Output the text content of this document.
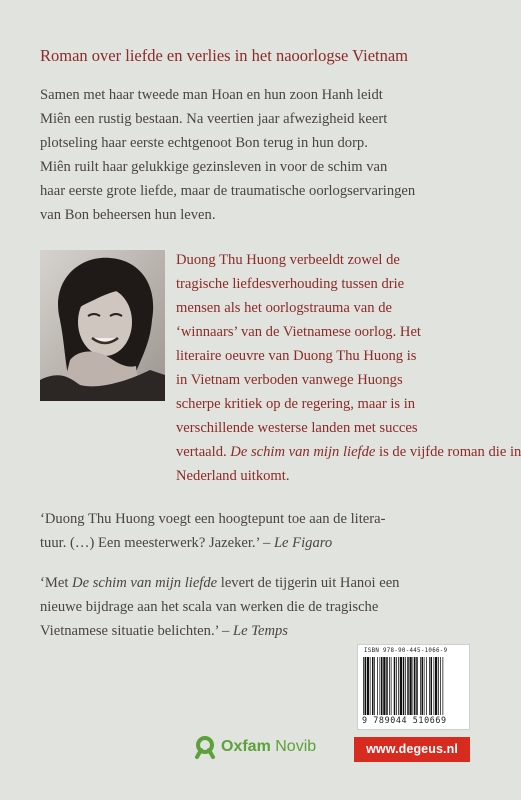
Roman over liefde en verlies in het naoorlogse Vietnam

Samen met haar tweede man Hoan en hun zoon Hanh leidt
Miên een rustig bestaan. Na veertien jaar afwezigheid keert
plotseling haar eerste echtgenoot Bon terug in hun dorp.
Miên ruilt haar gelukkige gezinsleven in voor de schim van
haar eerste grote liefde, maar de traumatische oorlogservaringen
van Bon beheersen hun leven.

Duong Thu Huong verbeeldt zowel de
tragische liefdesverhouding tussen drie
mensen als het oorlogstrauma van de
‘winnaars’ van de Vietnamese oorlog. Het
literaire oeuvre van Duong Thu Huong is
in Vietnam verboden vanwege Huongs
scherpe kritiek op de regering, maar is in
verschillende westerse landen met succes
vertaald. De schim van mijn liefde is de vijfde roman die in
Nederland uitkomt.

‘Duong Thu Huong voegt een hoogtepunt toe aan de litera-
tuur. (…) Een meesterwerk? Jazeker.’ – Le Figaro

‘Met De schim van mijn liefde levert de tijgerin uit Hanoi een
nieuwe bijdrage aan het scala van werken die de tragische
Vietnamese situatie belichten.’ – Le Temps

ISBN 978-90-445-1066-9
9 789044 510669
Oxfam Novib	www.degeus.nl
